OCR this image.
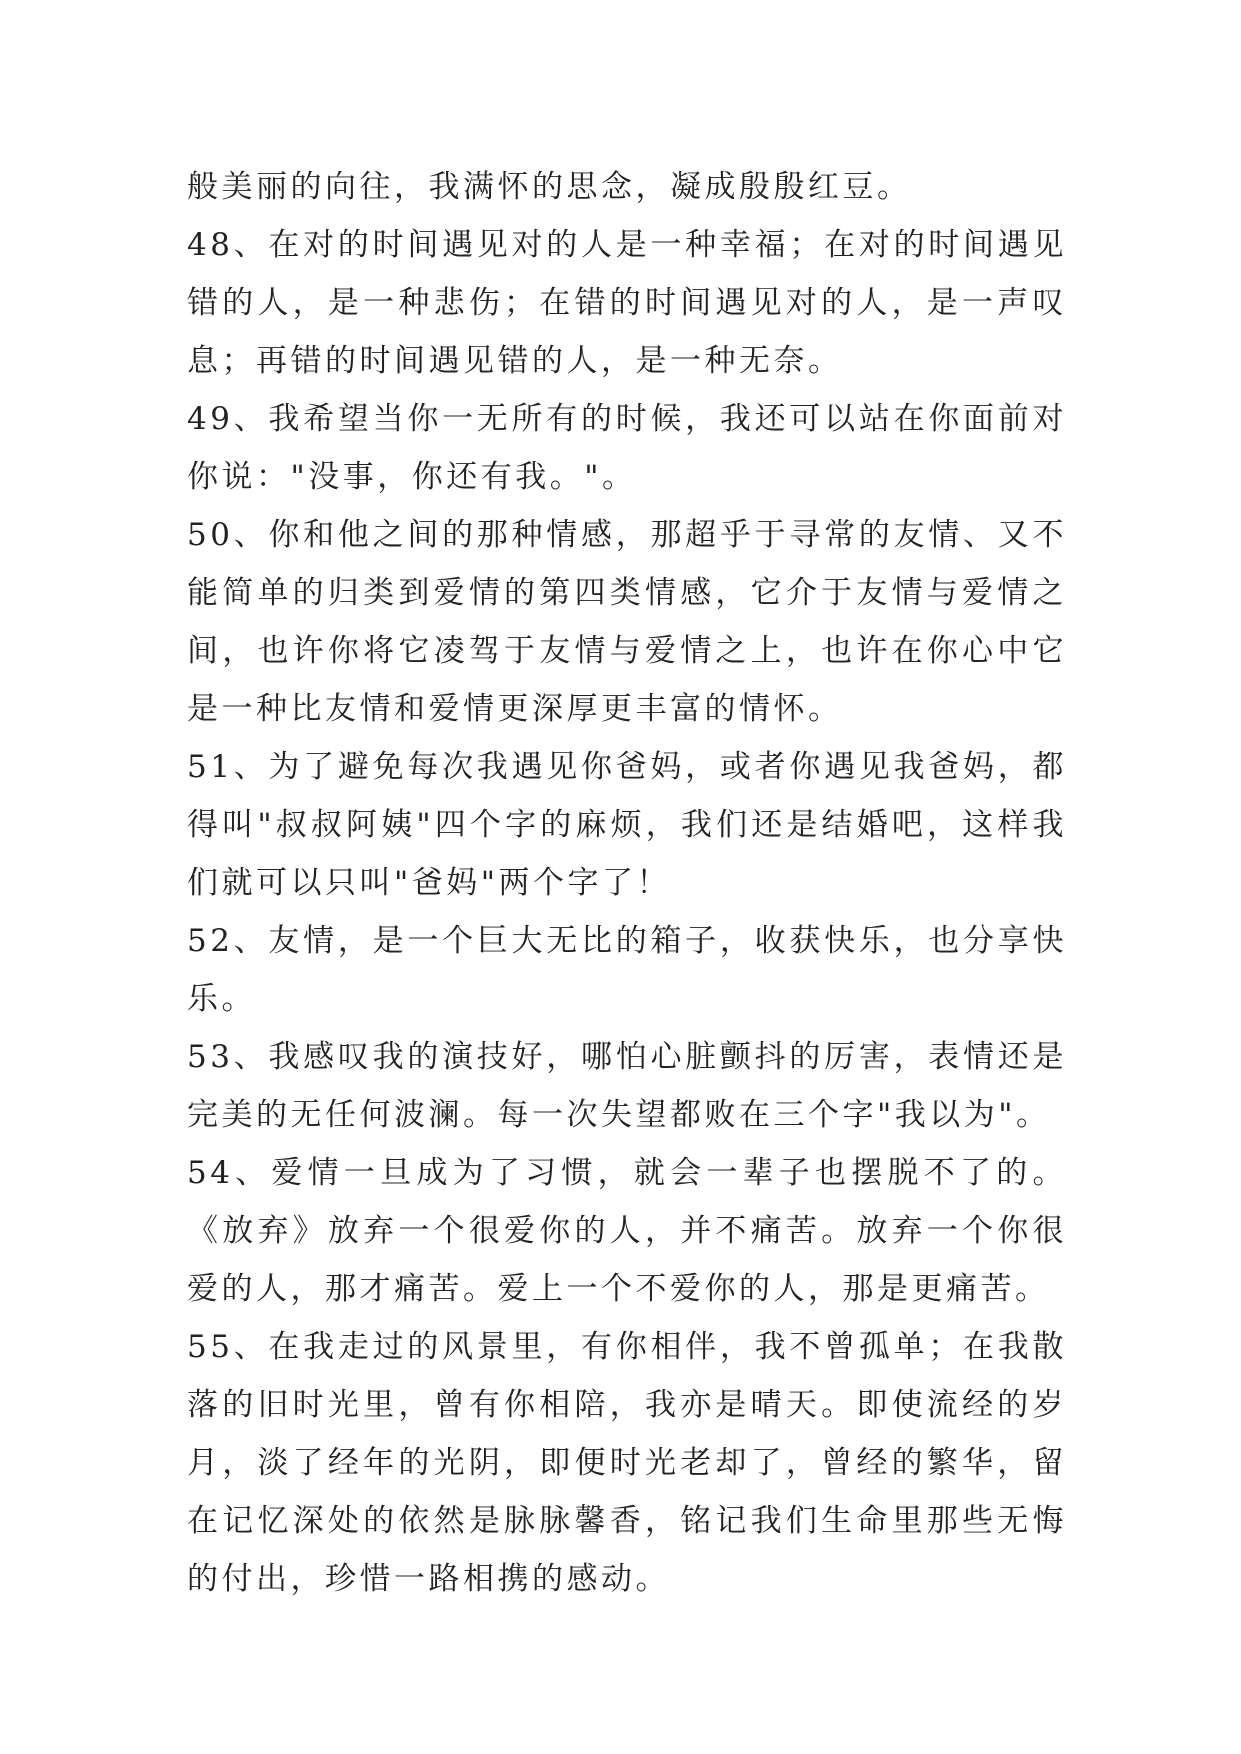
般美丽的向往，我满怀的思念，凝成殷殷红豆。

48、在对的时间遇见对的人是一种幸福；在对的时间遇见错的人，是一种悲伤；在错的时间遇见对的人，是一声叹息；再错的时间遇见错的人，是一种无奈。

49、我希望当你一无所有的时候，我还可以站在你面前对你说："没事，你还有我。"。

50、你和他之间的那种情感，那超乎于寻常的友情、又不能简单的归类到爱情的第四类情感，它介于友情与爱情之间，也许你将它凌驾于友情与爱情之上，也许在你心中它是一种比友情和爱情更深厚更丰富的情怀。

51、为了避免每次我遇见你爸妈，或者你遇见我爸妈，都得叫"叔叔阿姨"四个字的麻烦，我们还是结婚吧，这样我们就可以只叫"爸妈"两个字了！

52、友情，是一个巨大无比的箱子，收获快乐，也分享快乐。

53、我感叹我的演技好，哪怕心脏颤抖的厉害，表情还是完美的无任何波澜。每一次失望都败在三个字"我以为"。

54、爱情一旦成为了习惯，就会一辈子也摆脱不了的。《放弃》放弃一个很爱你的人，并不痛苦。放弃一个你很爱的人，那才痛苦。爱上一个不爱你的人，那是更痛苦。

55、在我走过的风景里，有你相伴，我不曾孤单；在我散落的旧时光里，曾有你相陪，我亦是晴天。即使流经的岁月，淡了经年的光阴，即便时光老却了，曾经的繁华，留在记忆深处的依然是脉脉馨香，铭记我们生命里那些无悔的付出，珍惜一路相携的感动。
